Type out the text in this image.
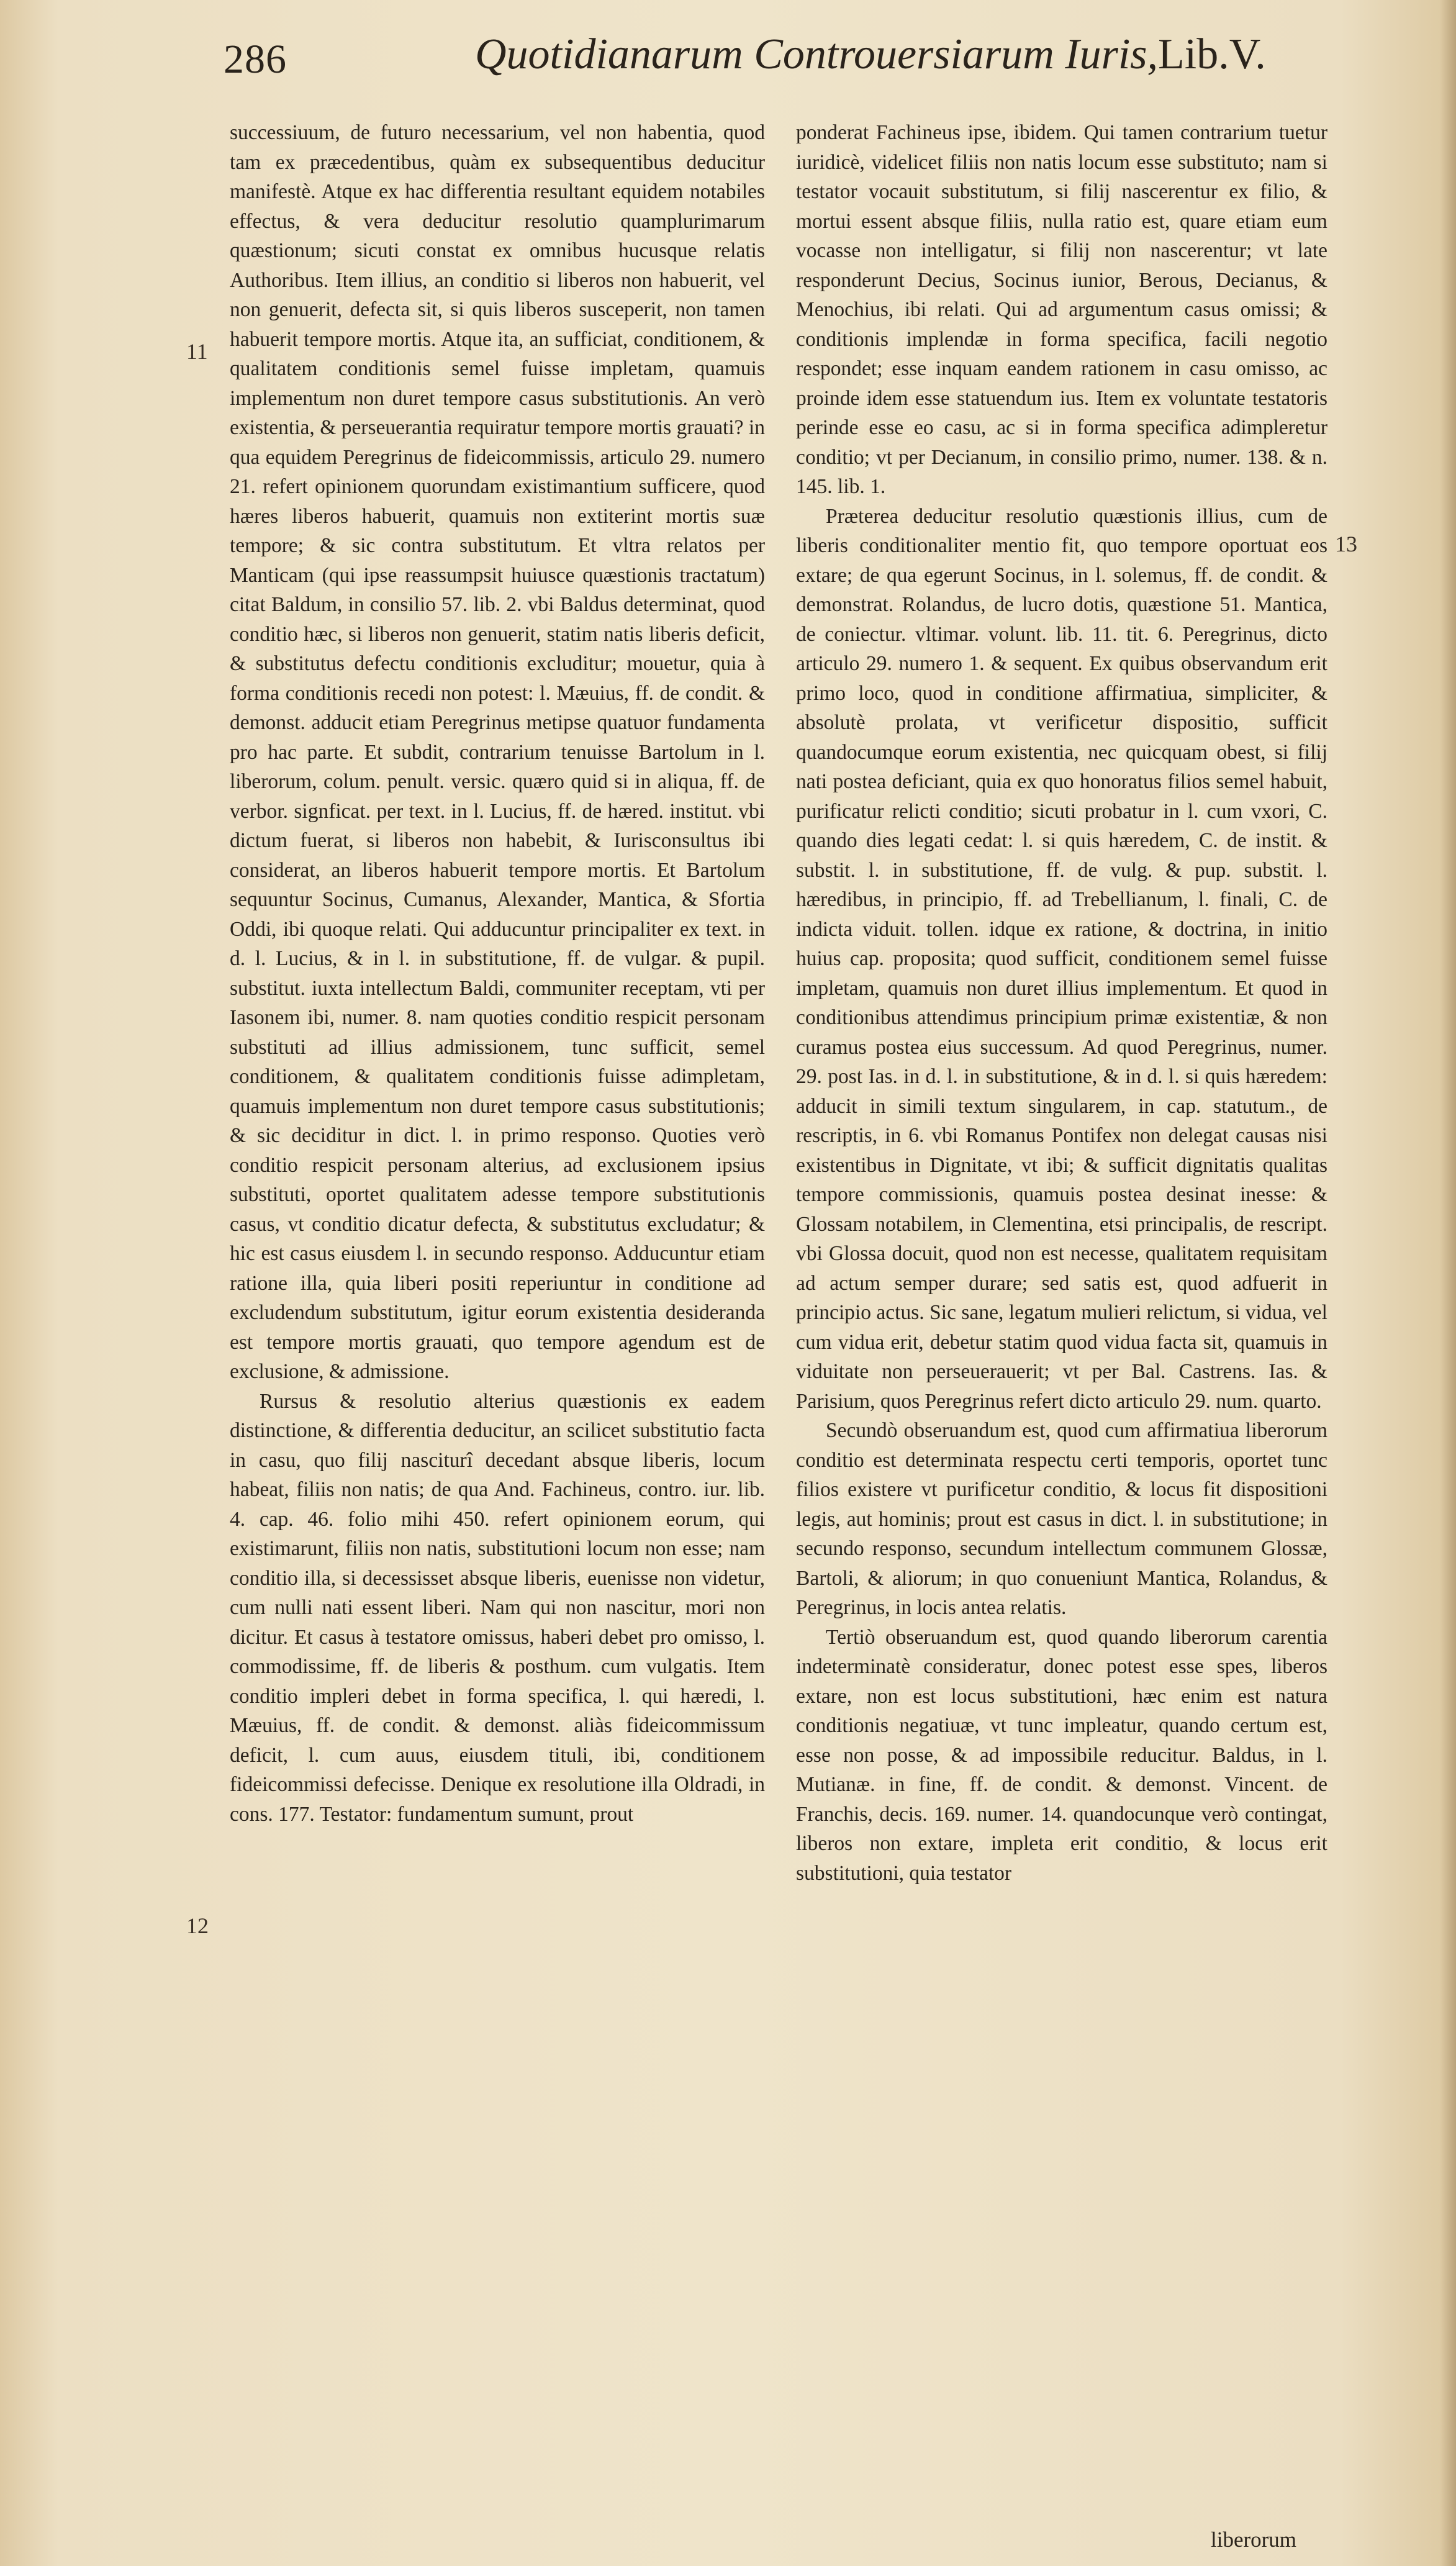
286	Quotidianarum Controuersiarum Iuris,Lib.V.
11
12
13

successiuum, de futuro necessarium, vel non habentia, quod tam ex præcedentibus, quàm ex subsequentibus deducitur manifestè. Atque ex hac differentia resultant equidem notabiles effectus, & vera deducitur resolutio quamplurimarum quæstionum; sicuti constat ex omnibus hucusque relatis Authoribus. Item illius, an conditio si liberos non habuerit, vel non genuerit, defecta sit, si quis liberos susceperit, non tamen habuerit tempore mortis. Atque ita, an sufficiat, conditionem, & qualitatem conditionis semel fuisse impletam, quamuis implementum non duret tempore casus substitutionis. An verò existentia, & perseuerantia requiratur tempore mortis grauati? in qua equidem Peregrinus de fideicommissis, articulo 29. numero 21. refert opinionem quorundam existimantium sufficere, quod hæres liberos habuerit, quamuis non extiterint mortis suæ tempore; & sic contra substitutum. Et vltra relatos per Manticam (qui ipse reassumpsit huiusce quæstionis tractatum) citat Baldum, in consilio 57. lib. 2. vbi Baldus determinat, quod conditio hæc, si liberos non genuerit, statim natis liberis deficit, & substitutus defectu conditionis excluditur; mouetur, quia à forma conditionis recedi non potest: l. Mæuius, ff. de condit. & demonst. adducit etiam Peregrinus metipse quatuor fundamenta pro hac parte. Et subdit, contrarium tenuisse Bartolum in l. liberorum, colum. penult. versic. quæro quid si in aliqua, ff. de verbor. signficat. per text. in l. Lucius, ff. de hæred. institut. vbi dictum fuerat, si liberos non habebit, & Iurisconsultus ibi considerat, an liberos habuerit tempore mortis. Et Bartolum sequuntur Socinus, Cumanus, Alexander, Mantica, & Sfortia Oddi, ibi quoque relati. Qui adducuntur principaliter ex text. in d. l. Lucius, & in l. in substitutione, ff. de vulgar. & pupil. substitut. iuxta intellectum Baldi, communiter receptam, vti per Iasonem ibi, numer. 8. nam quoties conditio respicit personam substituti ad illius admissionem, tunc sufficit, semel conditionem, & qualitatem conditionis fuisse adimpletam, quamuis implementum non duret tempore casus substitutionis; & sic deciditur in dict. l. in primo responso. Quoties verò conditio respicit personam alterius, ad exclusionem ipsius substituti, oportet qualitatem adesse tempore substitutionis casus, vt conditio dicatur defecta, & substitutus excludatur; & hic est casus eiusdem l. in secundo responso. Adducuntur etiam ratione illa, quia liberi positi reperiuntur in conditione ad excludendum substitutum, igitur eorum existentia desideranda est tempore mortis grauati, quo tempore agendum est de exclusione, & admissione.

Rursus & resolutio alterius quæstionis ex eadem distinctione, & differentia deducitur, an scilicet substitutio facta in casu, quo filij nasciturî decedant absque liberis, locum habeat, filiis non natis; de qua And. Fachineus, contro. iur. lib. 4. cap. 46. folio mihi 450. refert opinionem eorum, qui existimarunt, filiis non natis, substitutioni locum non esse; nam conditio illa, si decessisset absque liberis, euenisse non videtur, cum nulli nati essent liberi. Nam qui non nascitur, mori non dicitur. Et casus à testatore omissus, haberi debet pro omisso, l. commodissime, ff. de liberis & posthum. cum vulgatis. Item conditio impleri debet in forma specifica, l. qui hæredi, l. Mæuius, ff. de condit. & demonst. aliàs fideicommissum deficit, l. cum auus, eiusdem tituli, ibi, conditionem fideicommissi defecisse. Denique ex resolutione illa Oldradi, in cons. 177. Testator: fundamentum sumunt, prout

ponderat Fachineus ipse, ibidem. Qui tamen contrarium tuetur iuridicè, videlicet filiis non natis locum esse substituto; nam si testator vocauit substitutum, si filij nascerentur ex filio, & mortui essent absque filiis, nulla ratio est, quare etiam eum vocasse non intelligatur, si filij non nascerentur; vt late responderunt Decius, Socinus iunior, Berous, Decianus, & Menochius, ibi relati. Qui ad argumentum casus omissi; & conditionis implendæ in forma specifica, facili negotio respondet; esse inquam eandem rationem in casu omisso, ac proinde idem esse statuendum ius. Item ex voluntate testatoris perinde esse eo casu, ac si in forma specifica adimpleretur conditio; vt per Decianum, in consilio primo, numer. 138. & n. 145. lib. 1.

Præterea deducitur resolutio quæstionis illius, cum de liberis conditionaliter mentio fit, quo tempore oportuat eos extare; de qua egerunt Socinus, in l. solemus, ff. de condit. & demonstrat. Rolandus, de lucro dotis, quæstione 51. Mantica, de coniectur. vltimar. volunt. lib. 11. tit. 6. Peregrinus, dicto articulo 29. numero 1. & sequent. Ex quibus observandum erit primo loco, quod in conditione affirmatiua, simpliciter, & absolutè prolata, vt verificetur dispositio, sufficit quandocumque eorum existentia, nec quicquam obest, si filij nati postea deficiant, quia ex quo honoratus filios semel habuit, purificatur relicti conditio; sicuti probatur in l. cum vxori, C. quando dies legati cedat: l. si quis hæredem, C. de instit. & substit. l. in substitutione, ff. de vulg. & pup. substit. l. hæredibus, in principio, ff. ad Trebellianum, l. finali, C. de indicta viduit. tollen. idque ex ratione, & doctrina, in initio huius cap. proposita; quod sufficit, conditionem semel fuisse impletam, quamuis non duret illius implementum. Et quod in conditionibus attendimus principium primæ existentiæ, & non curamus postea eius successum. Ad quod Peregrinus, numer. 29. post Ias. in d. l. in substitutione, & in d. l. si quis hæredem: adducit in simili textum singularem, in cap. statutum., de rescriptis, in 6. vbi Romanus Pontifex non delegat causas nisi existentibus in Dignitate, vt ibi; & sufficit dignitatis qualitas tempore commissionis, quamuis postea desinat inesse: & Glossam notabilem, in Clementina, etsi principalis, de rescript. vbi Glossa docuit, quod non est necesse, qualitatem requisitam ad actum semper durare; sed satis est, quod adfuerit in principio actus. Sic sane, legatum mulieri relictum, si vidua, vel cum vidua erit, debetur statim quod vidua facta sit, quamuis in viduitate non perseuerauerit; vt per Bal. Castrens. Ias. & Parisium, quos Peregrinus refert dicto articulo 29. num. quarto.

Secundò obseruandum est, quod cum affirmatiua liberorum conditio est determinata respectu certi temporis, oportet tunc filios existere vt purificetur conditio, & locus fit dispositioni legis, aut hominis; prout est casus in dict. l. in substitutione; in secundo responso, secundum intellectum communem Glossæ, Bartoli, & aliorum; in quo conueniunt Mantica, Rolandus, & Peregrinus, in locis antea relatis.

Tertiò obseruandum est, quod quando liberorum carentia indeterminatè consideratur, donec potest esse spes, liberos extare, non est locus substitutioni, hæc enim est natura conditionis negatiuæ, vt tunc impleatur, quando certum est, esse non posse, & ad impossibile reducitur. Baldus, in l. Mutianæ. in fine, ff. de condit. & demonst. Vincent. de Franchis, decis. 169. numer. 14. quandocunque verò contingat, liberos non extare, impleta erit conditio, & locus erit substitutioni, quia testator

liberorum
